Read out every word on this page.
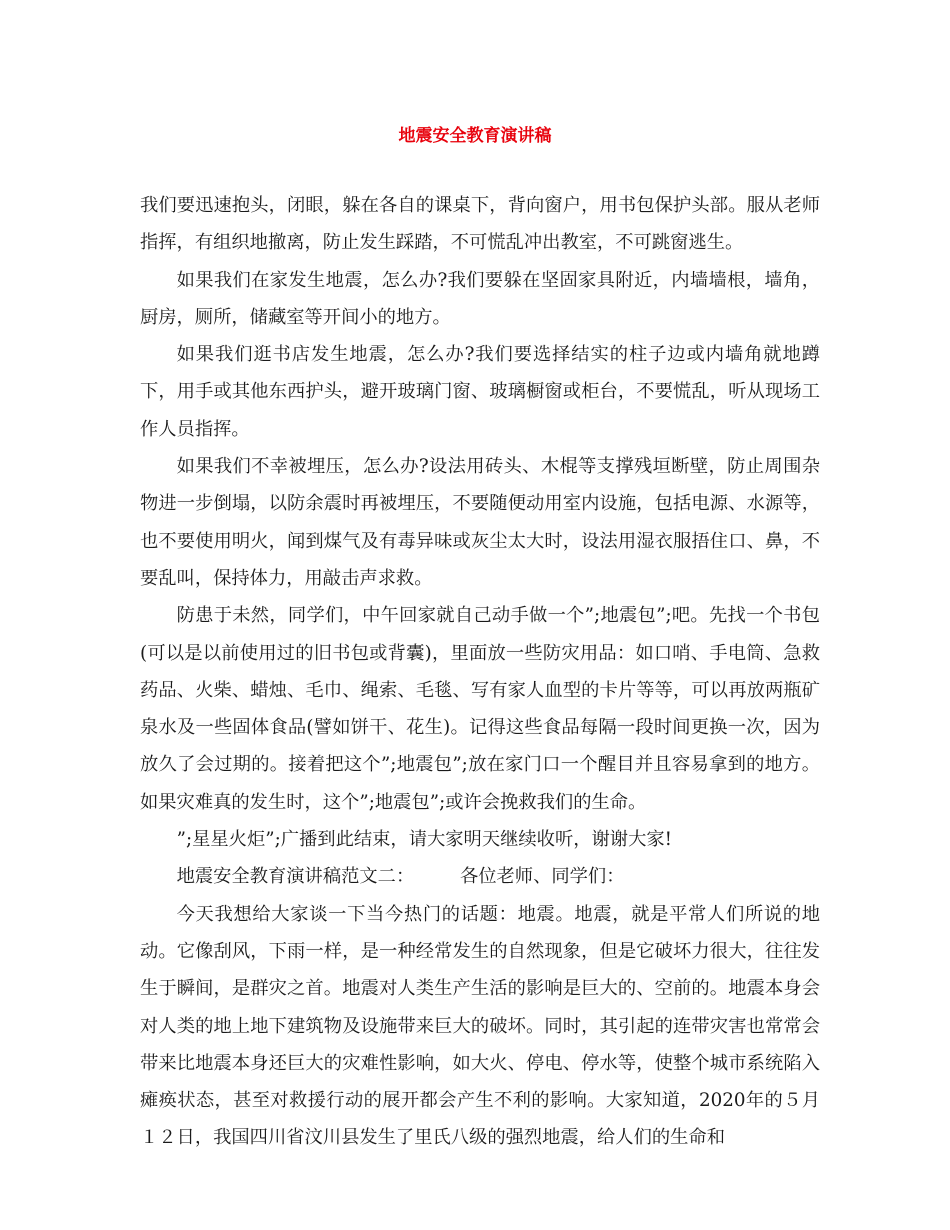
地震安全教育演讲稿

我们要迅速抱头，闭眼，躲在各自的课桌下，背向窗户，用书包保护头部。服从老师指挥，有组织地撤离，防止发生踩踏，不可慌乱冲出教室，不可跳窗逃生。

如果我们在家发生地震，怎么办?我们要躲在坚固家具附近，内墙墙根，墙角，厨房，厕所，储藏室等开间小的地方。

如果我们逛书店发生地震，怎么办?我们要选择结实的柱子边或内墙角就地蹲下，用手或其他东西护头，避开玻璃门窗、玻璃橱窗或柜台，不要慌乱，听从现场工作人员指挥。

如果我们不幸被埋压，怎么办?设法用砖头、木棍等支撑残垣断壁，防止周围杂物进一步倒塌，以防余震时再被埋压，不要随便动用室内设施，包括电源、水源等，也不要使用明火，闻到煤气及有毒异味或灰尘太大时，设法用湿衣服捂住口、鼻，不要乱叫，保持体力，用敲击声求救。

防患于未然，同学们，中午回家就自己动手做一个”;地震包”;吧。先找一个书包(可以是以前使用过的旧书包或背囊)，里面放一些防灾用品：如口哨、手电筒、急救药品、火柴、蜡烛、毛巾、绳索、毛毯、写有家人血型的卡片等等，可以再放两瓶矿泉水及一些固体食品(譬如饼干、花生)。记得这些食品每隔一段时间更换一次，因为放久了会过期的。接着把这个”;地震包”;放在家门口一个醒目并且容易拿到的地方。如果灾难真的发生时，这个”;地震包”;或许会挽救我们的生命。

”;星星火炬”;广播到此结束，请大家明天继续收听，谢谢大家!

地震安全教育演讲稿范文二：　　　各位老师、同学们：

今天我想给大家谈一下当今热门的话题：地震。地震，就是平常人们所说的地动。它像刮风，下雨一样，是一种经常发生的自然现象，但是它破坏力很大，往往发生于瞬间，是群灾之首。地震对人类生产生活的影响是巨大的、空前的。地震本身会对人类的地上地下建筑物及设施带来巨大的破坏。同时，其引起的连带灾害也常常会带来比地震本身还巨大的灾难性影响，如大火、停电、停水等，使整个城市系统陷入瘫痪状态，甚至对救援行动的展开都会产生不利的影响。大家知道，2020年的５月１２日，我国四川省汶川县发生了里氏八级的强烈地震，给人们的生命和
